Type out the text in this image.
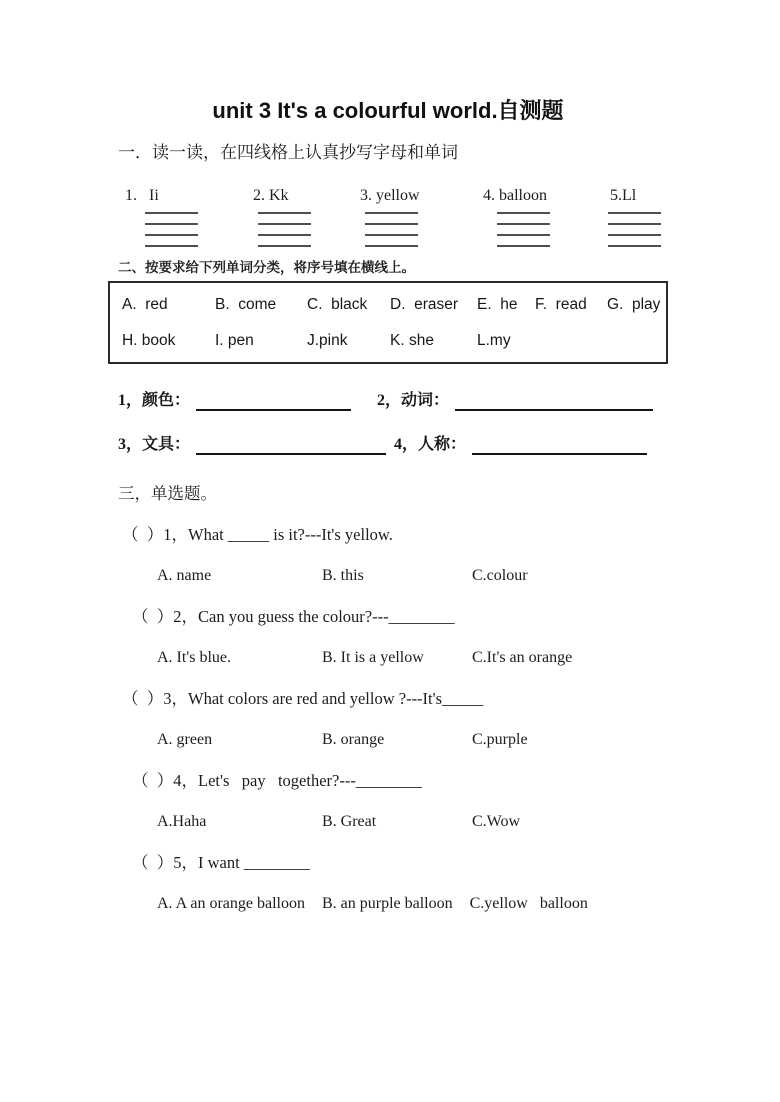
unit 3 It's a colourful world.自测题
一．读一读，在四线格上认真抄写字母和单词
1.   Ii	2. Kk	3. yellow	4. balloon	5.Ll
二、按要求给下列单词分类，将序号填在横线上。
A.  red	B.  come	C.  black	D.  eraser	E.  he	F.  read	G.  play
H. book	I. pen	J.pink	K. she	L.my
1，颜色：	2，动词：
3，文具：	4，人称：
三，单选题。
（  ）1，What _____ is it?---It's yellow.
A. name	B. this	C.colour
（  ）2，Can you guess the colour?---________
A. It's blue.	B. It is a yellow	C.It's an orange
（  ）3，What colors are red and yellow ?---It's_____
A. green	B. orange	C.purple
（  ）4，Let's   pay   together?---________
A.Haha	B. Great	C.Wow
（  ）5，I want ________
A. A an orange balloon B. an purple balloon C.yellow   balloon
